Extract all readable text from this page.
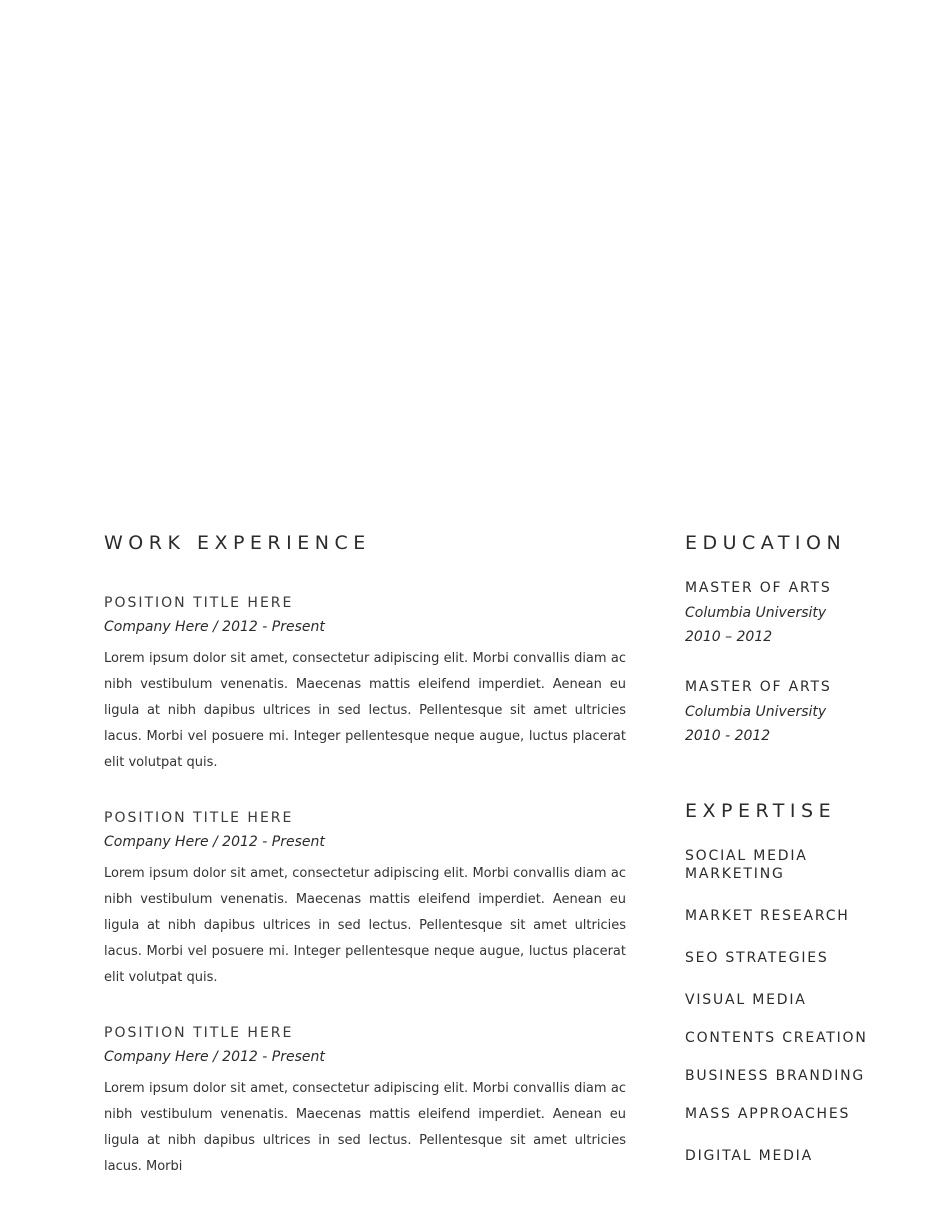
WORK EXPERIENCE
POSITION TITLE HERE
Company Here / 2012 - Present
Lorem ipsum dolor sit amet, consectetur adipiscing elit. Morbi convallis diam ac nibh vestibulum venenatis. Maecenas mattis eleifend imperdiet. Aenean eu ligula at nibh dapibus ultrices in sed lectus. Pellentesque sit amet ultricies lacus. Morbi vel posuere mi. Integer pellentesque neque augue, luctus placerat elit volutpat quis.
POSITION TITLE HERE
Company Here / 2012 - Present
Lorem ipsum dolor sit amet, consectetur adipiscing elit. Morbi convallis diam ac nibh vestibulum venenatis. Maecenas mattis eleifend imperdiet. Aenean eu ligula at nibh dapibus ultrices in sed lectus. Pellentesque sit amet ultricies lacus. Morbi vel posuere mi. Integer pellentesque neque augue, luctus placerat elit volutpat quis.
POSITION TITLE HERE
Company Here / 2012 - Present
Lorem ipsum dolor sit amet, consectetur adipiscing elit. Morbi convallis diam ac nibh vestibulum venenatis. Maecenas mattis eleifend imperdiet. Aenean eu ligula at nibh dapibus ultrices in sed lectus. Pellentesque sit amet ultricies lacus. Morbi
EDUCATION
MASTER OF ARTS
Columbia University
2010 – 2012
MASTER OF ARTS
Columbia University
2010 - 2012
EXPERTISE
SOCIAL MEDIA MARKETING
MARKET RESEARCH
SEO STRATEGIES
VISUAL MEDIA
CONTENTS CREATION
BUSINESS BRANDING
MASS APPROACHES
DIGITAL MEDIA
